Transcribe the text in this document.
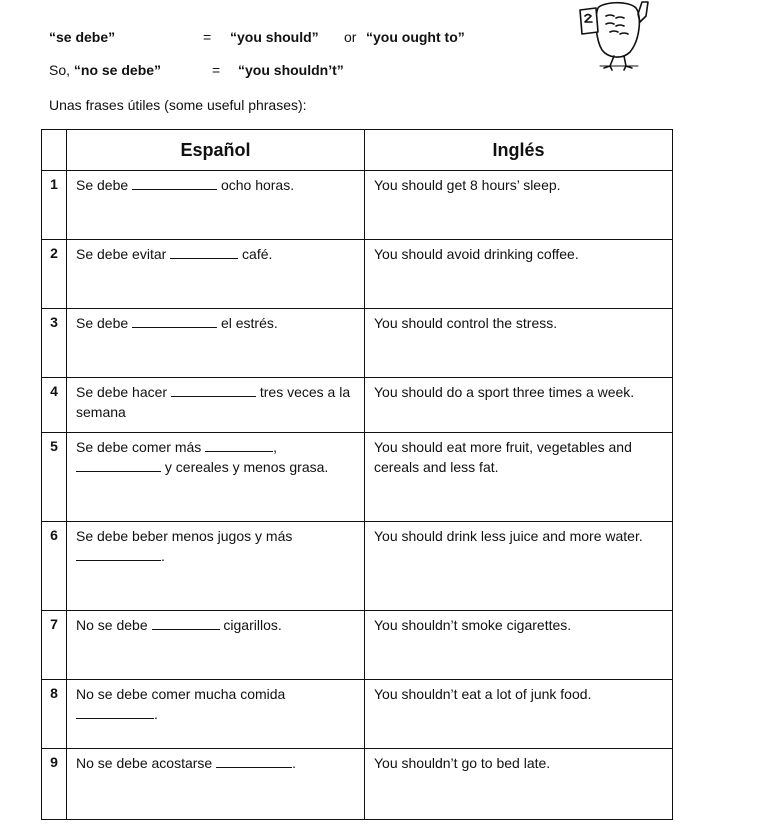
“se debe”	= “you should” or “you ought to”
So, “no se debe”	= “you shouldn’t”
Unas frases útiles (some useful phrases):
	Español	Inglés
1	Se debe ocho horas.	You should get 8 hours’ sleep.

2	Se debe evitar café.	You should avoid drinking coffee.

3	Se debe el estrés.	You should control the stress.

4	Se debe hacer tres veces a la semana	You should do a sport three times a week.

5	Se debe comer más ,
y cereales y menos grasa.	You should eat more fruit, vegetables and cereals and less fat.

6	Se debe beber menos jugos y más
.	You should drink less juice and more water.

7	No se debe cigarillos.	You shouldn’t smoke cigarettes.

8	No se debe comer mucha comida
.	You shouldn’t eat a lot of junk food.

9	No se debe acostarse .	You shouldn’t go to bed late.
